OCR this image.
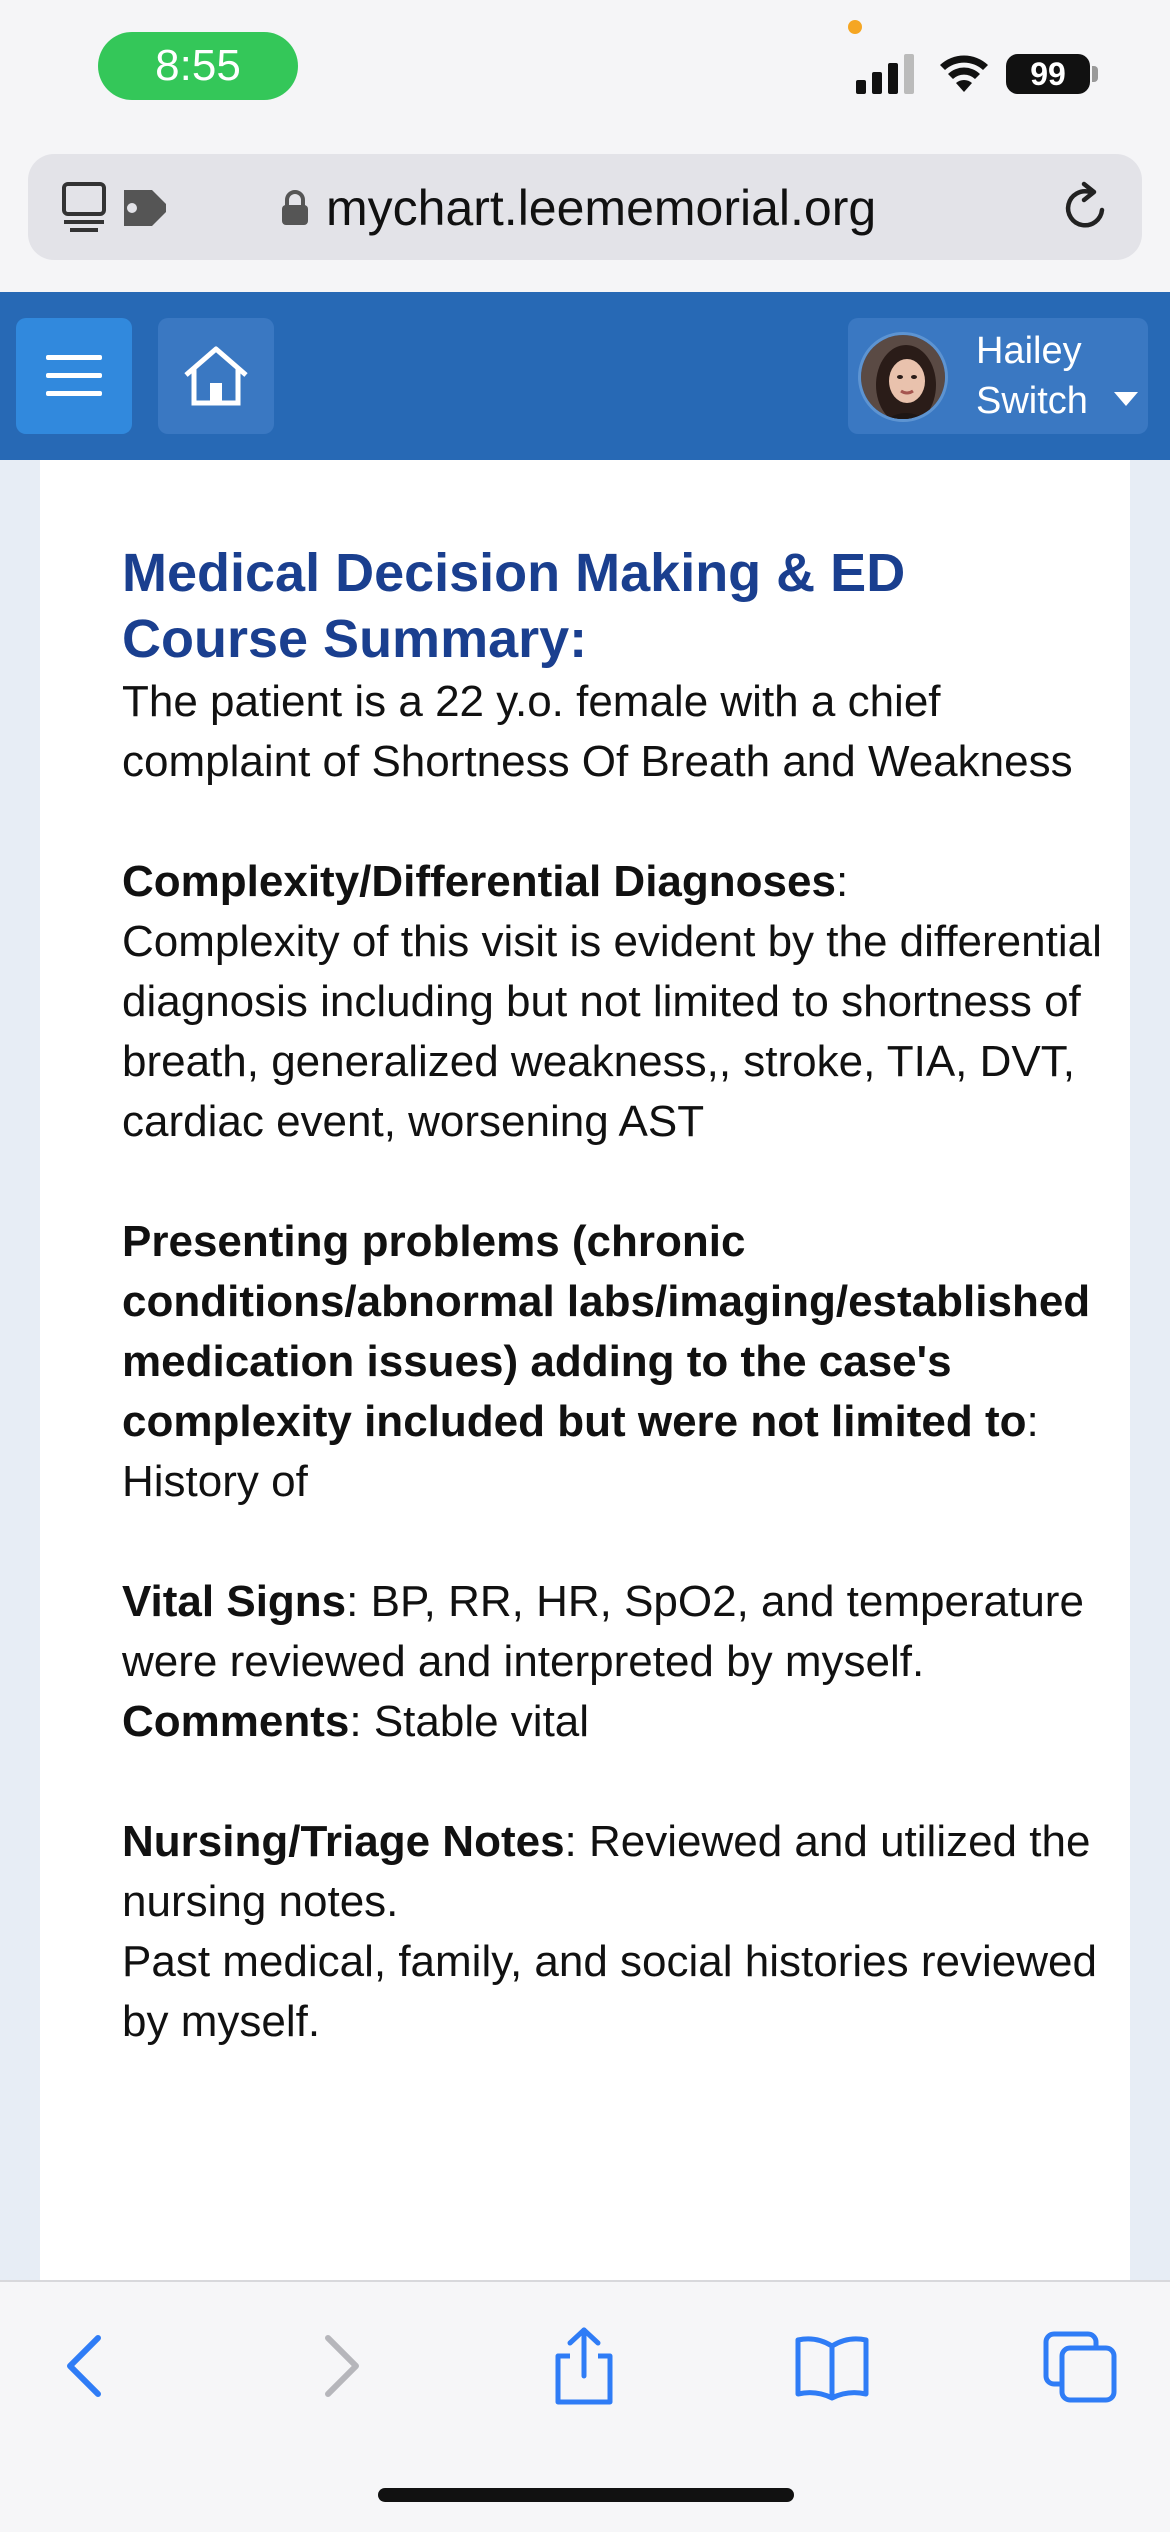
8:55	99
mychart.leememorial.org
Hailey
Switch
Medical Decision Making & ED
Course Summary:
The patient is a 22 y.o. female with a chief complaint of Shortness Of Breath and Weakness
Complexity/Differential Diagnoses:
Complexity of this visit is evident by the differential diagnosis including but not limited to shortness of breath, generalized weakness,, stroke, TIA, DVT, cardiac event, worsening AST
Presenting problems (chronic conditions/abnormal labs/imaging/established medication issues) adding to the case's complexity included but were not limited to: History of
Vital Signs: BP, RR, HR, SpO2, and temperature were reviewed and interpreted by myself.
Comments: Stable vital
Nursing/Triage Notes: Reviewed and utilized the nursing notes.
Past medical, family, and social histories reviewed by myself.
